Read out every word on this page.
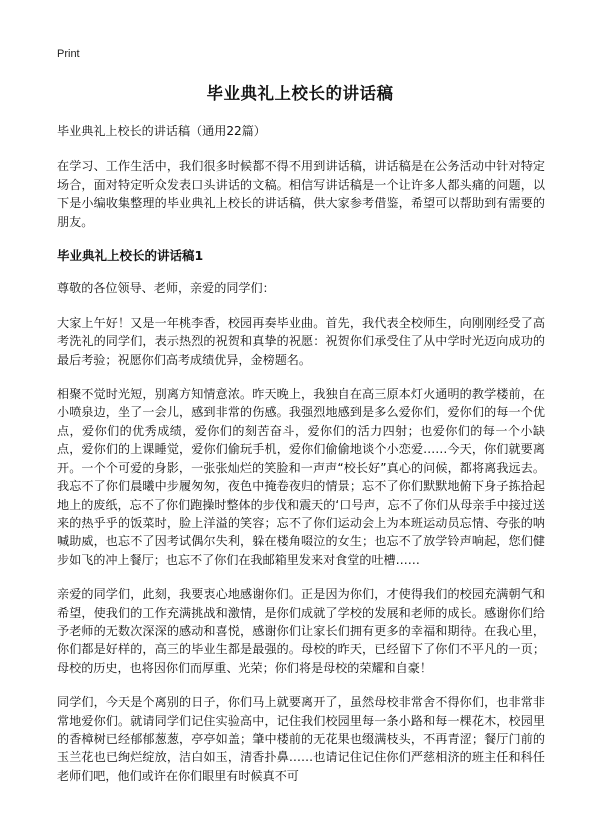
Print
毕业典礼上校长的讲话稿

毕业典礼上校长的讲话稿（通用22篇）

在学习、工作生活中，我们很多时候都不得不用到讲话稿，讲话稿是在公务活动中针对特定场合，面对特定听众发表口头讲话的文稿。相信写讲话稿是一个让许多人都头痛的问题，以下是小编收集整理的毕业典礼上校长的讲话稿，供大家参考借鉴，希望可以帮助到有需要的朋友。

毕业典礼上校长的讲话稿1

尊敬的各位领导、老师，亲爱的同学们：

大家上午好！又是一年桃李香，校园再奏毕业曲。首先，我代表全校师生，向刚刚经受了高考洗礼的同学们，表示热烈的祝贺和真挚的祝愿：祝贺你们承受住了从中学时光迈向成功的最后考验；祝愿你们高考成绩优异，金榜题名。

相聚不觉时光短，别离方知情意浓。昨天晚上，我独自在高三原本灯火通明的教学楼前，在小喷泉边，坐了一会儿，感到非常的伤感。我强烈地感到是多么爱你们，爱你们的每一个优点，爱你们的优秀成绩，爱你们的刻苦奋斗，爱你们的活力四射；也爱你们的每一个小缺点，爱你们的上课睡觉，爱你们偷玩手机，爱你们偷偷地谈个小恋爱……今天，你们就要离开。一个个可爱的身影，一张张灿烂的笑脸和一声声“校长好”真心的问候，都将离我远去。我忘不了你们晨曦中步履匆匆，夜色中掩卷夜归的情景；忘不了你们默默地俯下身子拣拾起地上的废纸，忘不了你们跑操时整体的步伐和震天的‘口号声，忘不了你们从母亲手中接过送来的热乎乎的饭菜时，脸上洋溢的笑容；忘不了你们运动会上为本班运动员忘情、夸张的呐喊助威，也忘不了因考试偶尔失利，躲在楼角啜泣的女生；也忘不了放学铃声响起，您们健步如飞的冲上餐厅；也忘不了你们在我邮箱里发来对食堂的吐槽……

亲爱的同学们，此刻，我要衷心地感谢你们。正是因为你们，才使得我们的校园充满朝气和希望，使我们的工作充满挑战和激情，是你们成就了学校的发展和老师的成长。感谢你们给予老师的无数次深深的感动和喜悦，感谢你们让家长们拥有更多的幸福和期待。在我心里，你们都是好样的，高三的毕业生都是最强的。母校的昨天，已经留下了你们不平凡的一页；母校的历史，也将因你们而厚重、光荣；你们将是母校的荣耀和自豪！

同学们，今天是个离别的日子，你们马上就要离开了，虽然母校非常舍不得你们，也非常非常地爱你们。就请同学们记住实验高中，记住我们校园里每一条小路和每一棵花木，校园里的香樟树已经郁郁葱葱，亭亭如盖；肇中楼前的无花果也缀满枝头，不再青涩；餐厅门前的玉兰花也已绚烂绽放，洁白如玉，清香扑鼻……也请记住记住你们严慈相济的班主任和科任老师们吧，他们或许在你们眼里有时候真不可
